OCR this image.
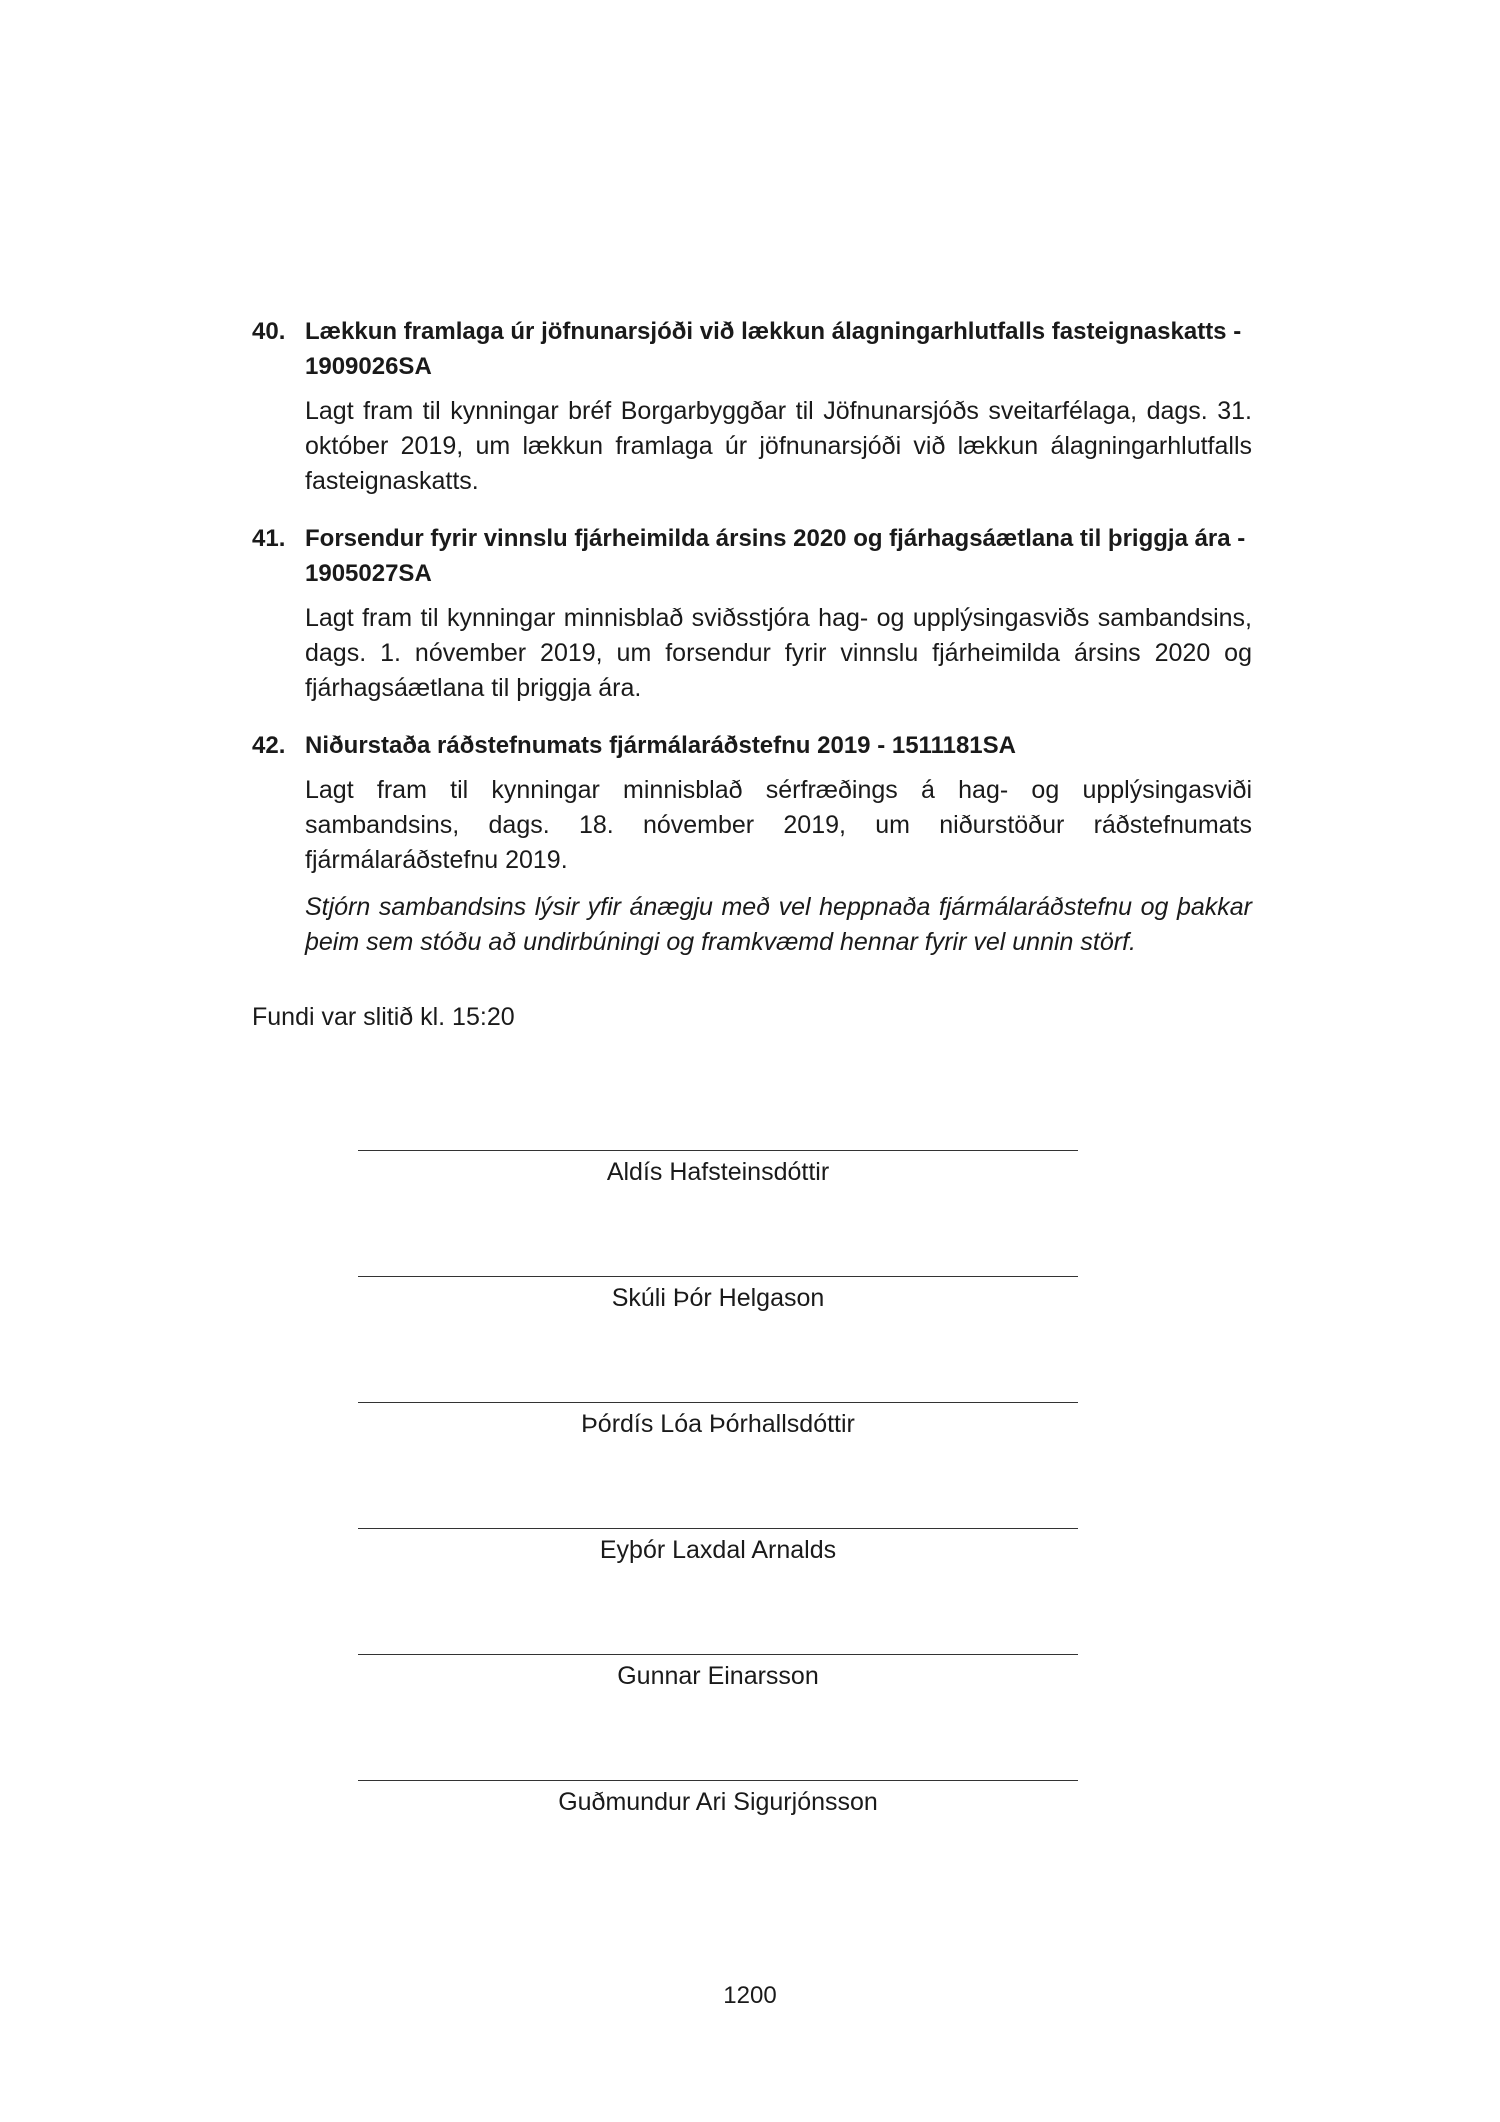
40. Lækkun framlaga úr jöfnunarsjóði við lækkun álagningarhlutfalls fasteignaskatts - 1909026SA

Lagt fram til kynningar bréf Borgarbyggðar til Jöfnunarsjóðs sveitarfélaga, dags. 31. október 2019, um lækkun framlaga úr jöfnunarsjóði við lækkun álagningarhlutfalls fasteignaskatts.

41. Forsendur fyrir vinnslu fjárheimilda ársins 2020 og fjárhagsáætlana til þriggja ára - 1905027SA

Lagt fram til kynningar minnisblað sviðsstjóra hag- og upplýsingasviðs sambandsins, dags. 1. nóvember 2019, um forsendur fyrir vinnslu fjárheimilda ársins 2020 og fjárhagsáætlana til þriggja ára.

42. Niðurstaða ráðstefnumats fjármálaráðstefnu 2019 - 1511181SA

Lagt fram til kynningar minnisblað sérfræðings á hag- og upplýsingasviði sambandsins, dags. 18. nóvember 2019, um niðurstöður ráðstefnumats fjármálaráðstefnu 2019.

Stjórn sambandsins lýsir yfir ánægju með vel heppnaða fjármálaráðstefnu og þakkar þeim sem stóðu að undirbúningi og framkvæmd hennar fyrir vel unnin störf.

Fundi var slitið kl. 15:20
Aldís Hafsteinsdóttir
Skúli Þór Helgason
Þórdís Lóa Þórhallsdóttir
Eyþór Laxdal Arnalds
Gunnar Einarsson
Guðmundur Ari Sigurjónsson
1200
